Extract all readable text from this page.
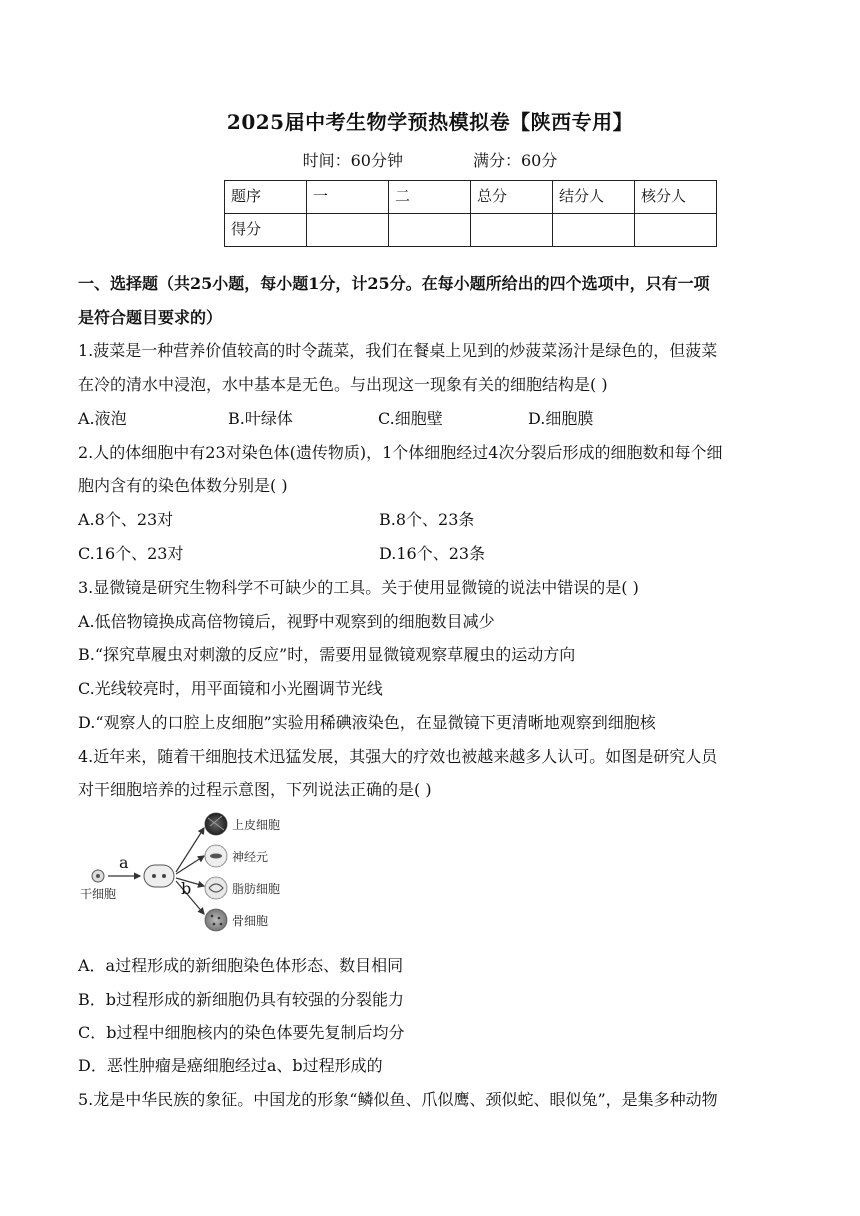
2025届中考生物学预热模拟卷【陕西专用】
时间：60分钟	满分：60分
题序	一	二	总分	结分人	核分人

得分					

一、选择题（共25小题，每小题1分，计25分。在每小题所给出的四个选项中，只有一项
是符合题目要求的）
1.菠菜是一种营养价值较高的时令蔬菜，我们在餐桌上见到的炒菠菜汤汁是绿色的，但菠菜
在冷的清水中浸泡，水中基本是无色。与出现这一现象有关的细胞结构是( )
A.液泡	B.叶绿体	C.细胞壁	D.细胞膜
2.人的体细胞中有23对染色体(遗传物质)，1个体细胞经过4次分裂后形成的细胞数和每个细
胞内含有的染色体数分别是( )
A.8个、23对	B.8个、23条
C.16个、23对	D.16个、23条
3.显微镜是研究生物科学不可缺少的工具。关于使用显微镜的说法中错误的是( )
A.低倍物镜换成高倍物镜后，视野中观察到的细胞数目减少
B.“探究草履虫对刺激的反应”时，需要用显微镜观察草履虫的运动方向
C.光线较亮时，用平面镜和小光圈调节光线
D.“观察人的口腔上皮细胞”实验用稀碘液染色，在显微镜下更清晰地观察到细胞核
4.近年来，随着干细胞技术迅猛发展，其强大的疗效也被越来越多人认可。如图是研究人员
对干细胞培养的过程示意图，下列说法正确的是( )
干细胞
a
b
上皮细胞
神经元
脂肪细胞
骨细胞
A．a过程形成的新细胞染色体形态、数目相同
B．b过程形成的新细胞仍具有较强的分裂能力
C．b过程中细胞核内的染色体要先复制后均分
D．恶性肿瘤是癌细胞经过a、b过程形成的
5.龙是中华民族的象征。中国龙的形象“鳞似鱼、爪似鹰、颈似蛇、眼似兔”，是集多种动物
